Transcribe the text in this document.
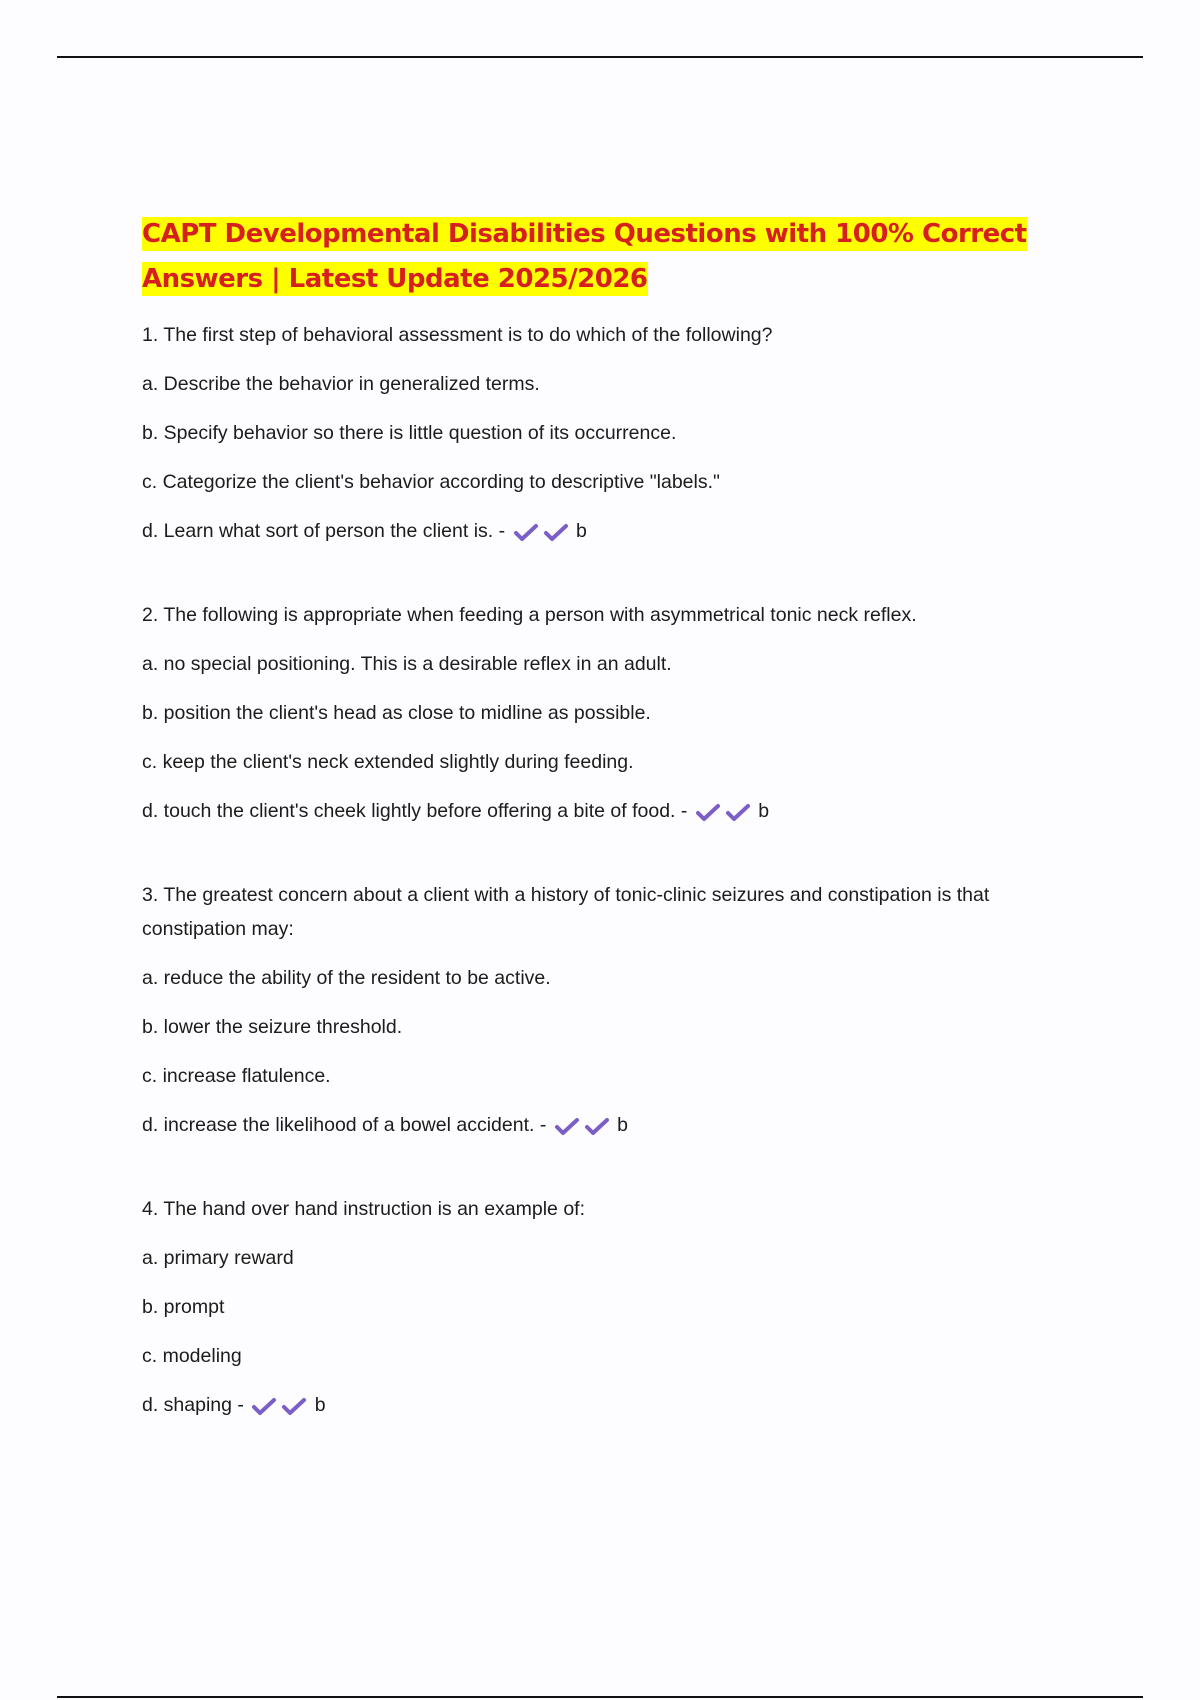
CAPT Developmental Disabilities Questions with 100% Correct
Answers | Latest Update 2025/2026

1. The first step of behavioral assessment is to do which of the following?

a. Describe the behavior in generalized terms.

b. Specify behavior so there is little question of its occurrence.

c. Categorize the client's behavior according to descriptive "labels."

d. Learn what sort of person the client is. -	b

2. The following is appropriate when feeding a person with asymmetrical tonic neck reflex.

a. no special positioning. This is a desirable reflex in an adult.

b. position the client's head as close to midline as possible.

c. keep the client's neck extended slightly during feeding.

d. touch the client's cheek lightly before offering a bite of food. -	b

3. The greatest concern about a client with a history of tonic-clinic seizures and constipation is that constipation may:

a. reduce the ability of the resident to be active.

b. lower the seizure threshold.

c. increase flatulence.

d. increase the likelihood of a bowel accident. -	b

4. The hand over hand instruction is an example of:

a. primary reward

b. prompt

c. modeling

d. shaping -	b
